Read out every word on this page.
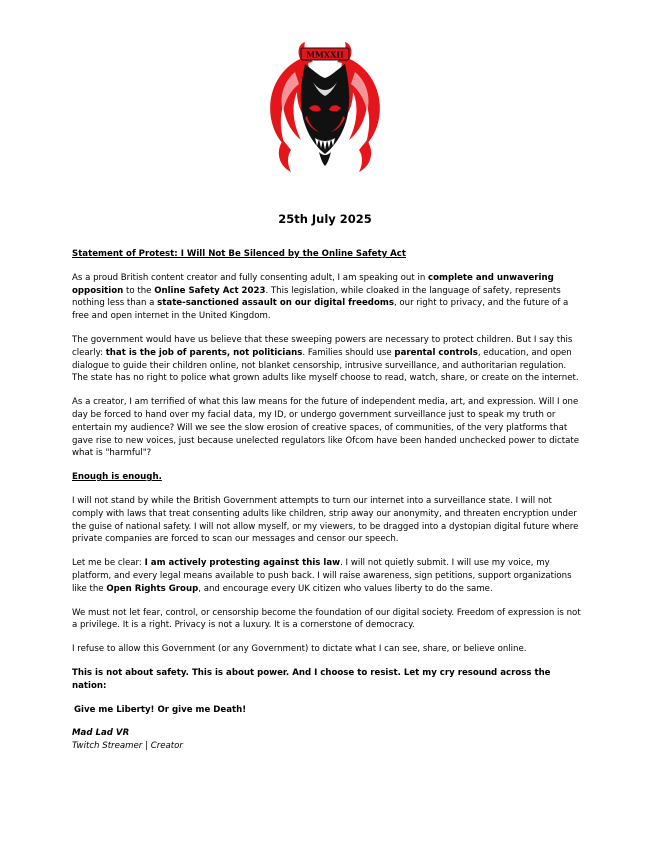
MMXXII
25th July 2025

Statement of Protest: I Will Not Be Silenced by the Online Safety Act

As a proud British content creator and fully consenting adult, I am speaking out in complete and unwavering opposition to the Online Safety Act 2023. This legislation, while cloaked in the language of safety, represents nothing less than a state-sanctioned assault on our digital freedoms, our right to privacy, and the future of a free and open internet in the United Kingdom.

The government would have us believe that these sweeping powers are necessary to protect children. But I say this clearly: that is the job of parents, not politicians. Families should use parental controls, education, and open dialogue to guide their children online, not blanket censorship, intrusive surveillance, and authoritarian regulation. The state has no right to police what grown adults like myself choose to read, watch, share, or create on the internet.

As a creator, I am terrified of what this law means for the future of independent media, art, and expression. Will I one day be forced to hand over my facial data, my ID, or undergo government surveillance just to speak my truth or entertain my audience? Will we see the slow erosion of creative spaces, of communities, of the very platforms that gave rise to new voices, just because unelected regulators like Ofcom have been handed unchecked power to dictate what is "harmful"?

Enough is enough.

I will not stand by while the British Government attempts to turn our internet into a surveillance state. I will not comply with laws that treat consenting adults like children, strip away our anonymity, and threaten encryption under the guise of national safety. I will not allow myself, or my viewers, to be dragged into a dystopian digital future where private companies are forced to scan our messages and censor our speech.

Let me be clear: I am actively protesting against this law. I will not quietly submit. I will use my voice, my platform, and every legal means available to push back. I will raise awareness, sign petitions, support organizations like the Open Rights Group, and encourage every UK citizen who values liberty to do the same.

We must not let fear, control, or censorship become the foundation of our digital society. Freedom of expression is not a privilege. It is a right. Privacy is not a luxury. It is a cornerstone of democracy.

I refuse to allow this Government (or any Government) to dictate what I can see, share, or believe online.

This is not about safety. This is about power. And I choose to resist. Let my cry resound across the nation:

Give me Liberty! Or give me Death!

Mad Lad VR

Twitch Streamer | Creator
